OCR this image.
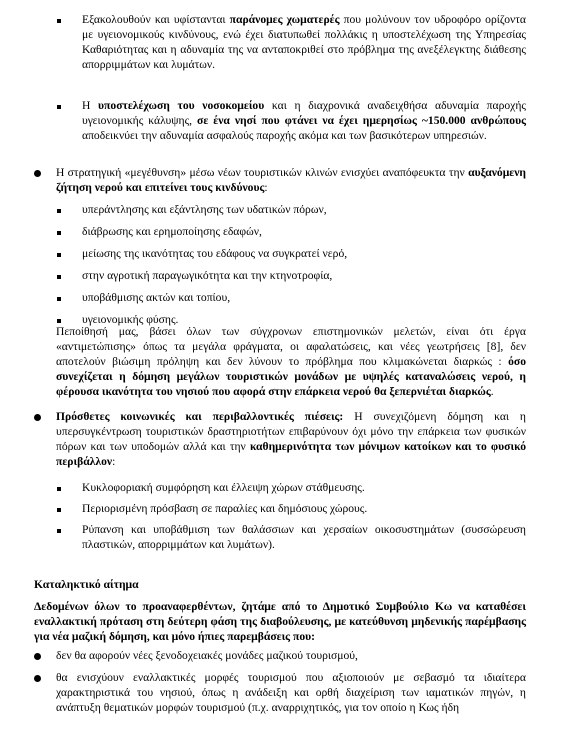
Εξακολουθούν και υφίστανται παράνομες χωματερές που μολύνουν τον υδροφόρο ορίζοντα με υγειονομικούς κινδύνους, ενώ έχει διατυπωθεί πολλάκις η υποστελέχωση της Υπηρεσίας Καθαριότητας και η αδυναμία της να ανταποκριθεί στο πρόβλημα της ανεξέλεγκτης διάθεσης απορριμμάτων και λυμάτων.

Η υποστελέχωση του νοσοκομείου και η διαχρονικά αναδειχθήσα αδυναμία παροχής υγειονομικής κάλυψης, σε ένα νησί που φτάνει να έχει ημερησίως ~150.000 ανθρώπους αποδεικνύει την αδυναμία ασφαλούς παροχής ακόμα και των βασικότερων υπηρεσιών.

Η στρατηγική «μεγέθυνση» μέσω νέων τουριστικών κλινών ενισχύει αναπόφευκτα την αυξανόμενη ζήτηση νερού και επιτείνει τους κινδύνους:

υπεράντλησης και εξάντλησης των υδατικών πόρων,
διάβρωσης και ερημοποίησης εδαφών,
μείωσης της ικανότητας του εδάφους να συγκρατεί νερό,
στην αγροτική παραγωγικότητα και την κτηνοτροφία,
υποβάθμισης ακτών και τοπίου,
υγειονομικής φύσης.

Πεποίθησή μας, βάσει όλων των σύγχρονων επιστημονικών μελετών, είναι ότι έργα «αντιμετώπισης» όπως τα μεγάλα φράγματα, οι αφαλατώσεις, και νέες γεωτρήσεις [8], δεν αποτελούν βιώσιμη πρόληψη και δεν λύνουν το πρόβλημα που κλιμακώνεται διαρκώς : όσο συνεχίζεται η δόμηση μεγάλων τουριστικών μονάδων με υψηλές καταναλώσεις νερού, η φέρουσα ικανότητα του νησιού που αφορά στην επάρκεια νερού θα ξεπερνιέται διαρκώς.

Πρόσθετες κοινωνικές και περιβαλλοντικές πιέσεις: Η συνεχιζόμενη δόμηση και η υπερσυγκέντρωση τουριστικών δραστηριοτήτων επιβαρύνουν όχι μόνο την επάρκεια των φυσικών πόρων και των υποδομών αλλά και την καθημερινότητα των μόνιμων κατοίκων και το φυσικό περιβάλλον:

Κυκλοφοριακή συμφόρηση και έλλειψη χώρων στάθμευσης.
Περιορισμένη πρόσβαση σε παραλίες και δημόσιους χώρους.
Ρύπανση και υποβάθμιση των θαλάσσιων και χερσαίων οικοσυστημάτων (συσσώρευση πλαστικών, απορριμμάτων και λυμάτων).

Καταληκτικό αίτημα

Δεδομένων όλων το προαναφερθέντων, ζητάμε από το Δημοτικό Συμβούλιο Κω να καταθέσει εναλλακτική πρόταση στη δεύτερη φάση της διαβούλευσης, με κατεύθυνση μηδενικής παρέμβασης για νέα μαζική δόμηση, και μόνο ήπιες παρεμβάσεις που:

δεν θα αφορούν νέες ξενοδοχειακές μονάδες μαζικού τουρισμού,

θα ενισχύουν εναλλακτικές μορφές τουρισμού που αξιοποιούν με σεβασμό τα ιδιαίτερα χαρακτηριστικά του νησιού, όπως η ανάδειξη και ορθή διαχείριση των ιαματικών πηγών, η ανάπτυξη θεματικών μορφών τουρισμού (π.χ. αναρριχητικός, για τον οποίο η Κως ήδη
